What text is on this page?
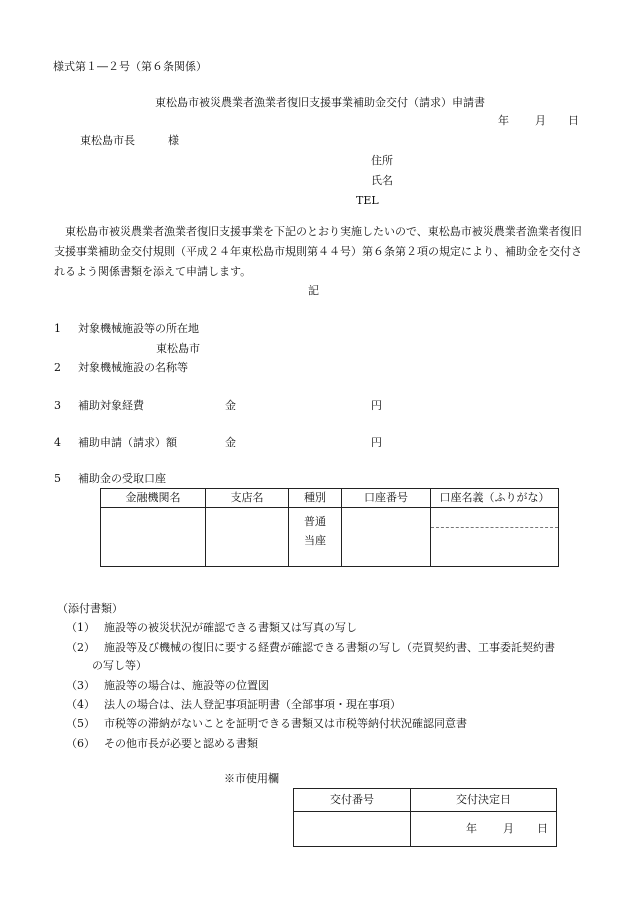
様式第１―２号（第６条関係）
東松島市被災農業者漁業者復旧支援事業補助金交付（請求）申請書
年 月 日
東松島市長	様
住所
氏名
TEL
東松島市被災農業者漁業者復旧支援事業を下記のとおり実施したいので、東松島市被災農業者漁業者復旧支援事業補助金交付規則（平成２４年東松島市規則第４４号）第６条第２項の規定により、補助金を交付されるよう関係書類を添えて申請します。
記
1 対象機械施設等の所在地
東松島市
2 対象機械施設の名称等
3 補助対象経費	金	円
4 補助申請（請求）額	金	円
5 補助金の受取口座
金融機関名	支店名	種別	口座番号	口座名義（ふりがな）

		普通
当座		

（添付書類）
（1） 施設等の被災状況が確認できる書類又は写真の写し
（2） 施設等及び機械の復旧に要する経費が確認できる書類の写し（売買契約書、工事委託契約書
の写し等）
（3） 施設等の場合は、施設等の位置図
（4） 法人の場合は、法人登記事項証明書（全部事項・現在事項）
（5） 市税等の滞納がないことを証明できる書類又は市税等納付状況確認同意書
（6） その他市長が必要と認める書類
※市使用欄
交付番号	交付決定日

	年 月 日
